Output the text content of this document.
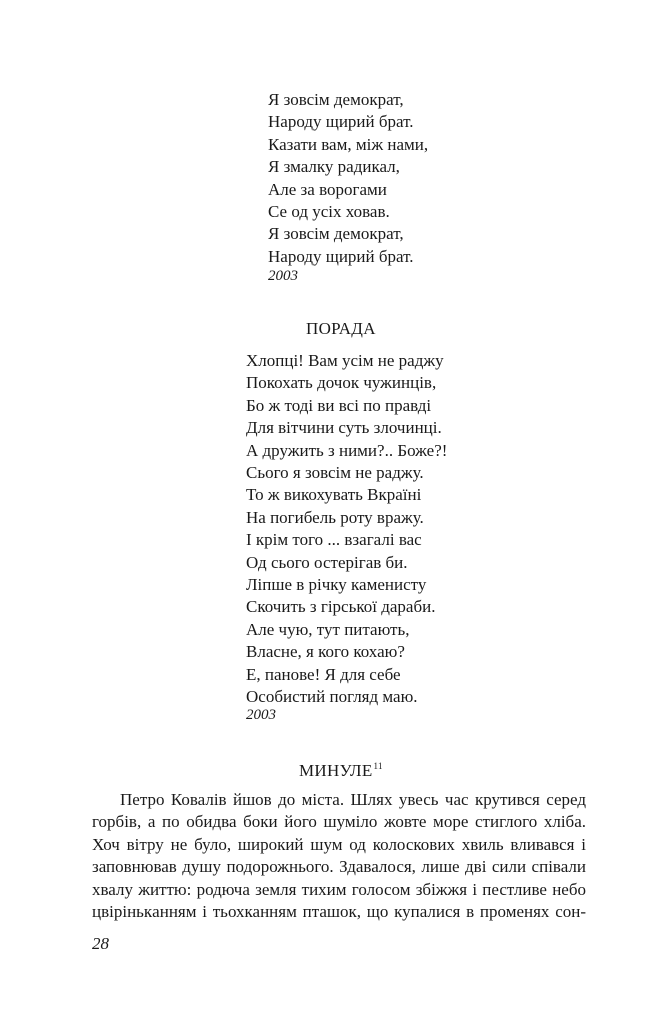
Я зовсім демократ,
Народу щирий брат.
Казати вам, між нами,
Я змалку радикал,
Але за ворогами
Се од усіх ховав.
Я зовсім демократ,
Народу щирий брат.
2003
ПОРАДА
Хлопці! Вам усім не раджу
Покохать дочок чужинців,
Бо ж тоді ви всі по правді
Для вітчини суть злочинці.
А дружить з ними?.. Боже?!
Сього я зовсім не раджу.
То ж викохувать Вкраїні
На погибель роту вражу.
І крім того ... взагалі вас
Од сього остерігав би.
Ліпше в річку каменисту
Скочить з гірської дараби.
Але чую, тут питають,
Власне, я кого кохаю?
Е, панове! Я для себе
Особистий погляд маю.
2003
МИНУЛЕ$^{11}$
Петро Ковалів йшов до міста. Шлях увесь час крутився серед
горбів, а по обидва боки його шуміло жовте море стиглого хліба.
Хоч вітру не було, широкий шум од колоскових хвиль вливався і
заповнював душу подорожнього. Здавалося, лише дві сили співали
хвалу життю: родюча земля тихим голосом збіжжя і пестливе небо
цвірінькaнням і тьохканням пташок, що купалися в променях сон-
28
